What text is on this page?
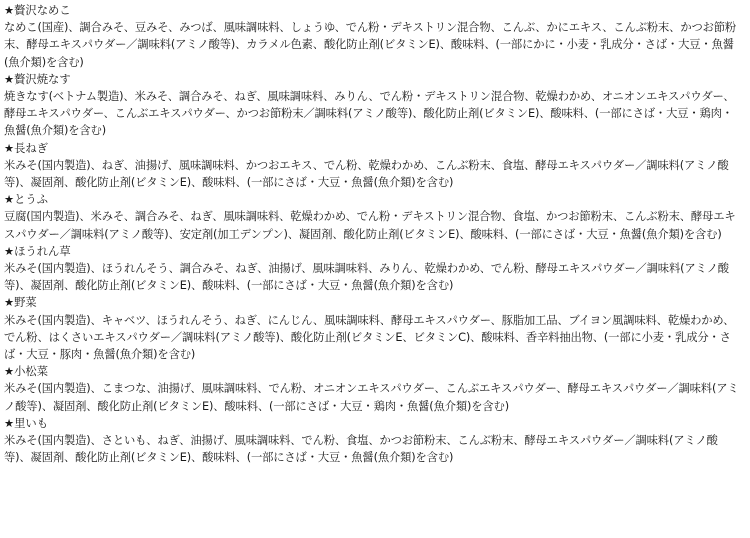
★贅沢なめこ

なめこ(国産)、調合みそ、豆みそ、みつば、風味調味料、しょうゆ、でん粉・デキストリン混合物、こんぶ、かにエキス、こんぶ粉末、かつお節粉末、酵母エキスパウダー／調味料(アミノ酸等)、カラメル色素、酸化防止剤(ビタミンE)、酸味料、(一部にかに・小麦・乳成分・さば・大豆・魚醤(魚介類)を含む)

★贅沢焼なす

焼きなす(ベトナム製造)、米みそ、調合みそ、ねぎ、風味調味料、みりん、でん粉・デキストリン混合物、乾燥わかめ、オニオンエキスパウダー、酵母エキスパウダー、こんぶエキスパウダー、かつお節粉末／調味料(アミノ酸等)、酸化防止剤(ビタミンE)、酸味料、(一部にさば・大豆・鶏肉・魚醤(魚介類)を含む)

★長ねぎ

米みそ(国内製造)、ねぎ、油揚げ、風味調味料、かつおエキス、でん粉、乾燥わかめ、こんぶ粉末、食塩、酵母エキスパウダー／調味料(アミノ酸等)、凝固剤、酸化防止剤(ビタミンE)、酸味料、(一部にさば・大豆・魚醤(魚介類)を含む)

★とうふ

豆腐(国内製造)、米みそ、調合みそ、ねぎ、風味調味料、乾燥わかめ、でん粉・デキストリン混合物、食塩、かつお節粉末、こんぶ粉末、酵母エキスパウダー／調味料(アミノ酸等)、安定剤(加工デンプン)、凝固剤、酸化防止剤(ビタミンE)、酸味料、(一部にさば・大豆・魚醤(魚介類)を含む)

★ほうれん草

米みそ(国内製造)、ほうれんそう、調合みそ、ねぎ、油揚げ、風味調味料、みりん、乾燥わかめ、でん粉、酵母エキスパウダー／調味料(アミノ酸等)、凝固剤、酸化防止剤(ビタミンE)、酸味料、(一部にさば・大豆・魚醤(魚介類)を含む)

★野菜

米みそ(国内製造)、キャベツ、ほうれんそう、ねぎ、にんじん、風味調味料、酵母エキスパウダー、豚脂加工品、ブイヨン風調味料、乾燥わかめ、でん粉、はくさいエキスパウダー／調味料(アミノ酸等)、酸化防止剤(ビタミンE、ビタミンC)、酸味料、香辛料抽出物、(一部に小麦・乳成分・さば・大豆・豚肉・魚醤(魚介類)を含む)

★小松菜

米みそ(国内製造)、こまつな、油揚げ、風味調味料、でん粉、オニオンエキスパウダー、こんぶエキスパウダー、酵母エキスパウダー／調味料(アミノ酸等)、凝固剤、酸化防止剤(ビタミンE)、酸味料、(一部にさば・大豆・鶏肉・魚醤(魚介類)を含む)

★里いも

米みそ(国内製造)、さといも、ねぎ、油揚げ、風味調味料、でん粉、食塩、かつお節粉末、こんぶ粉末、酵母エキスパウダー／調味料(アミノ酸等)、凝固剤、酸化防止剤(ビタミンE)、酸味料、(一部にさば・大豆・魚醤(魚介類)を含む)
